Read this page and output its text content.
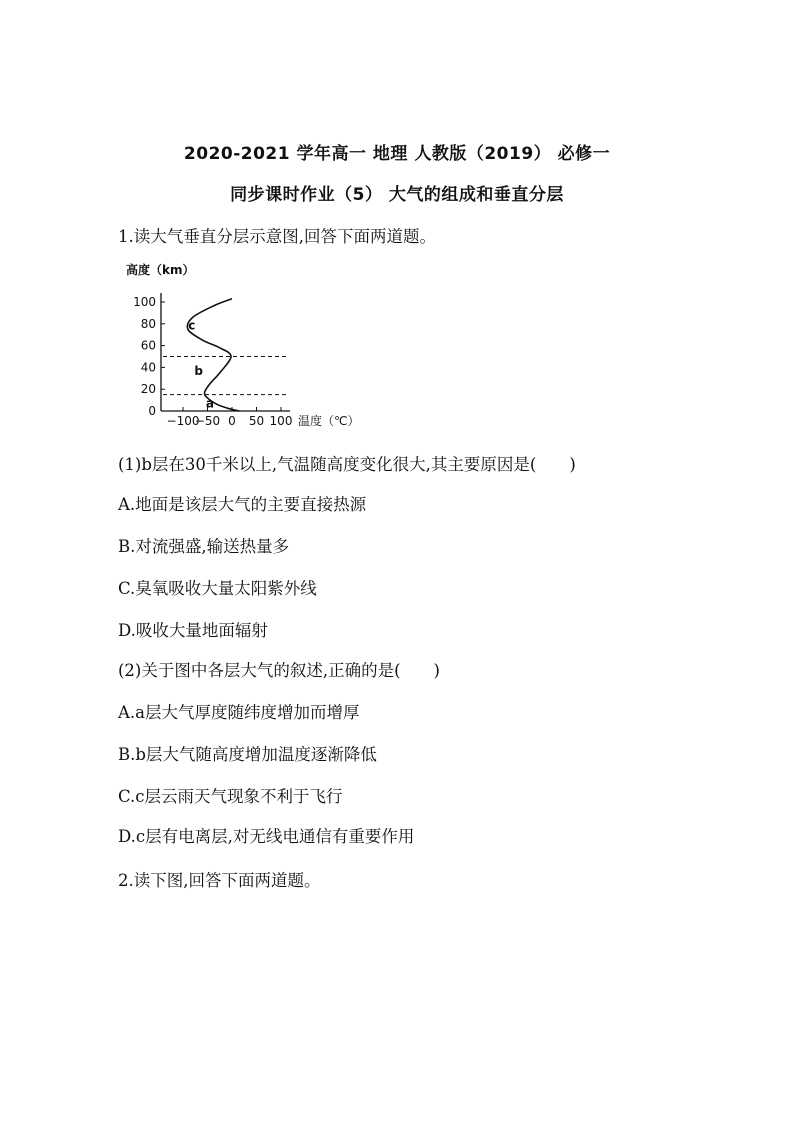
2020-2021 学年高一 地理 人教版（2019） 必修一
同步课时作业（5） 大气的组成和垂直分层
1.读大气垂直分层示意图,回答下面两道题。
0
20
40
60
80
100
−100
−50 0 50 100
高度（km）
温度（℃）
a
b
c
(1)b层在30千米以上,气温随高度变化很大,其主要原因是(　　)
A.地面是该层大气的主要直接热源
B.对流强盛,输送热量多
C.臭氧吸收大量太阳紫外线
D.吸收大量地面辐射
(2)关于图中各层大气的叙述,正确的是(　　)
A.a层大气厚度随纬度增加而增厚
B.b层大气随高度增加温度逐渐降低
C.c层云雨天气现象不利于飞行
D.c层有电离层,对无线电通信有重要作用
2.读下图,回答下面两道题。
